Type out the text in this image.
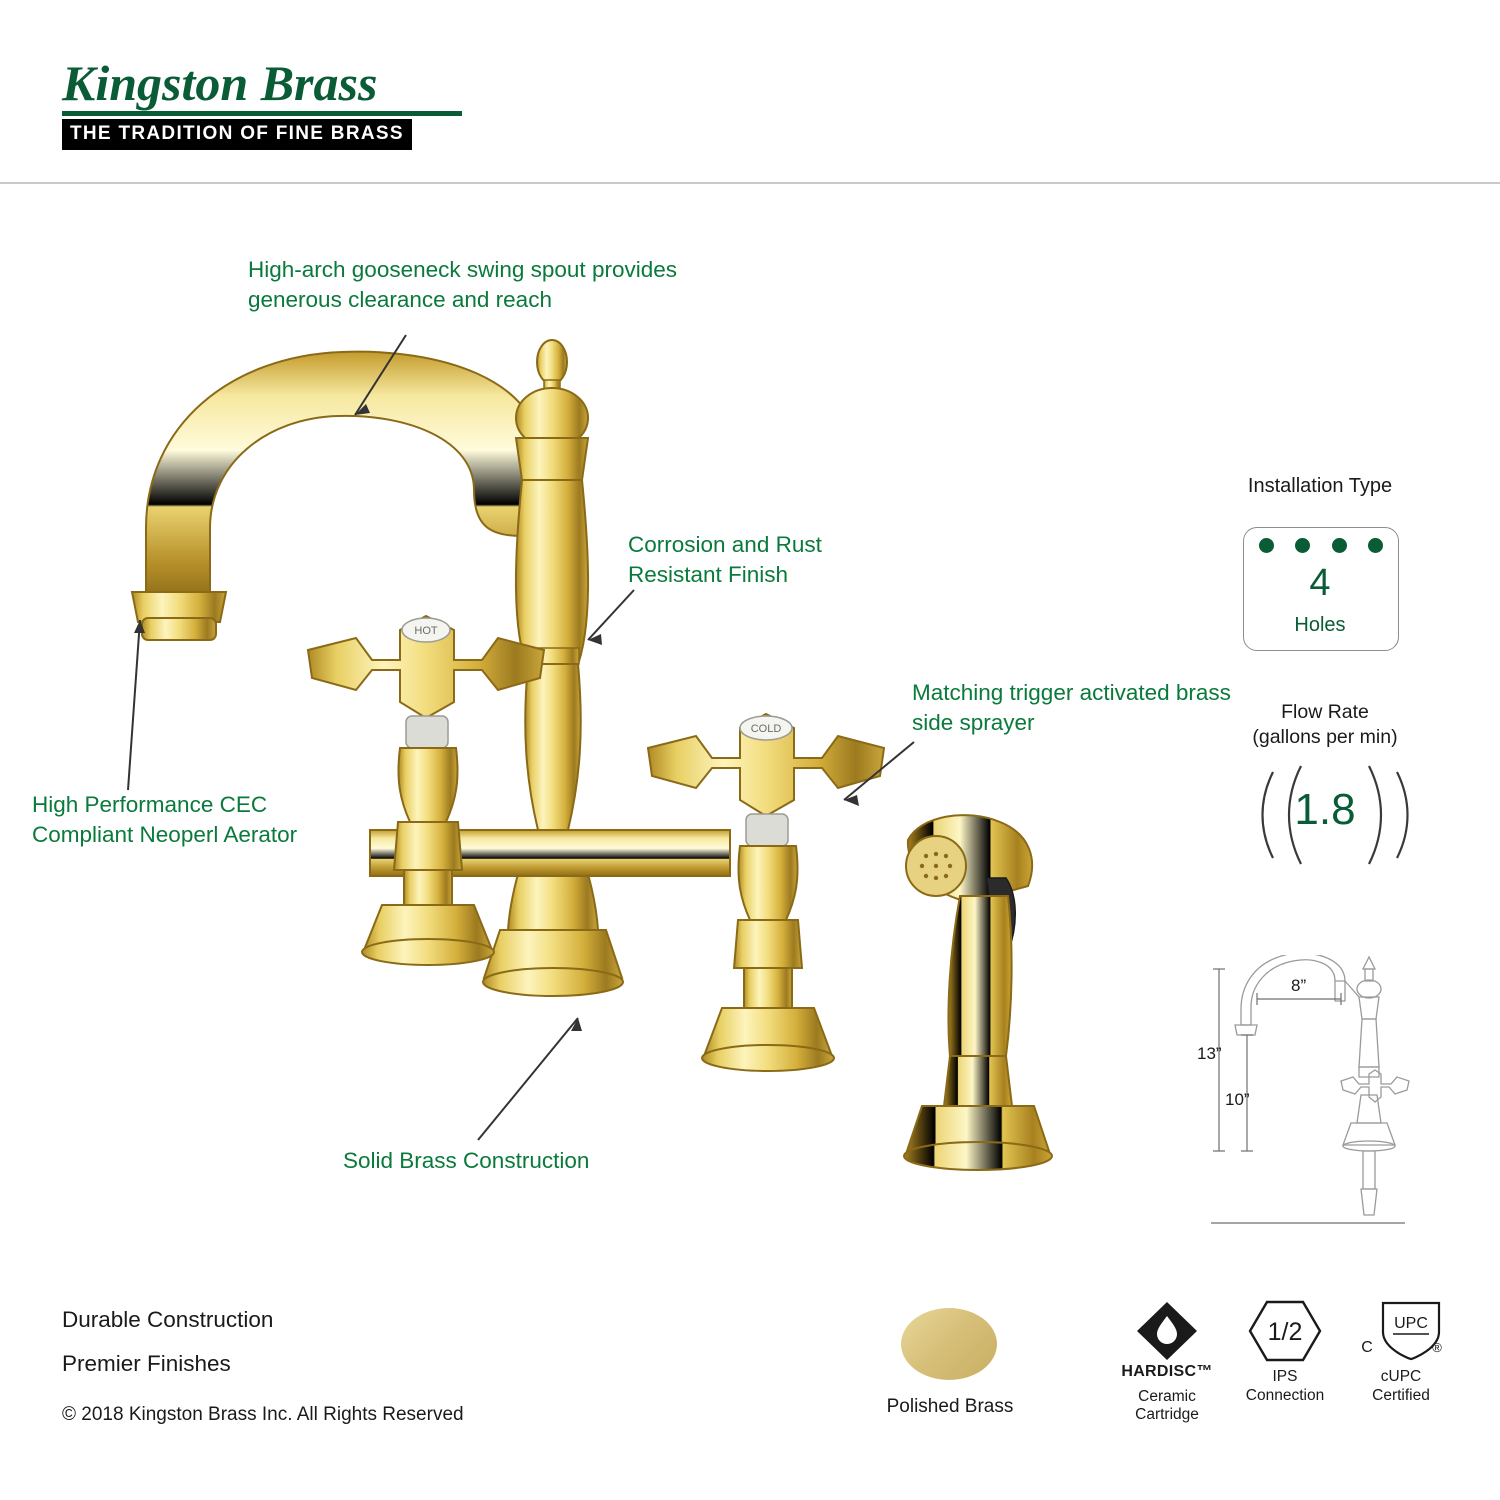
Kingston Brass
THE TRADITION OF FINE BRASS
HOT
COLD
High-arch gooseneck swing spout provides generous clearance and reach
Corrosion and Rust Resistant Finish
High Performance CEC Compliant Neoperl Aerator
Matching trigger activated brass side sprayer
Solid Brass Construction
Installation Type
4
Holes
Flow Rate
(gallons per min)
1.8
13”
10”
8”
Durable Construction
Premier Finishes
© 2018 Kingston Brass Inc. All Rights Reserved	Polished Brass
HARDISC™
Ceramic
Cartridge
1/2
IPS
Connection
UPC
C	®
cUPC
Certified
